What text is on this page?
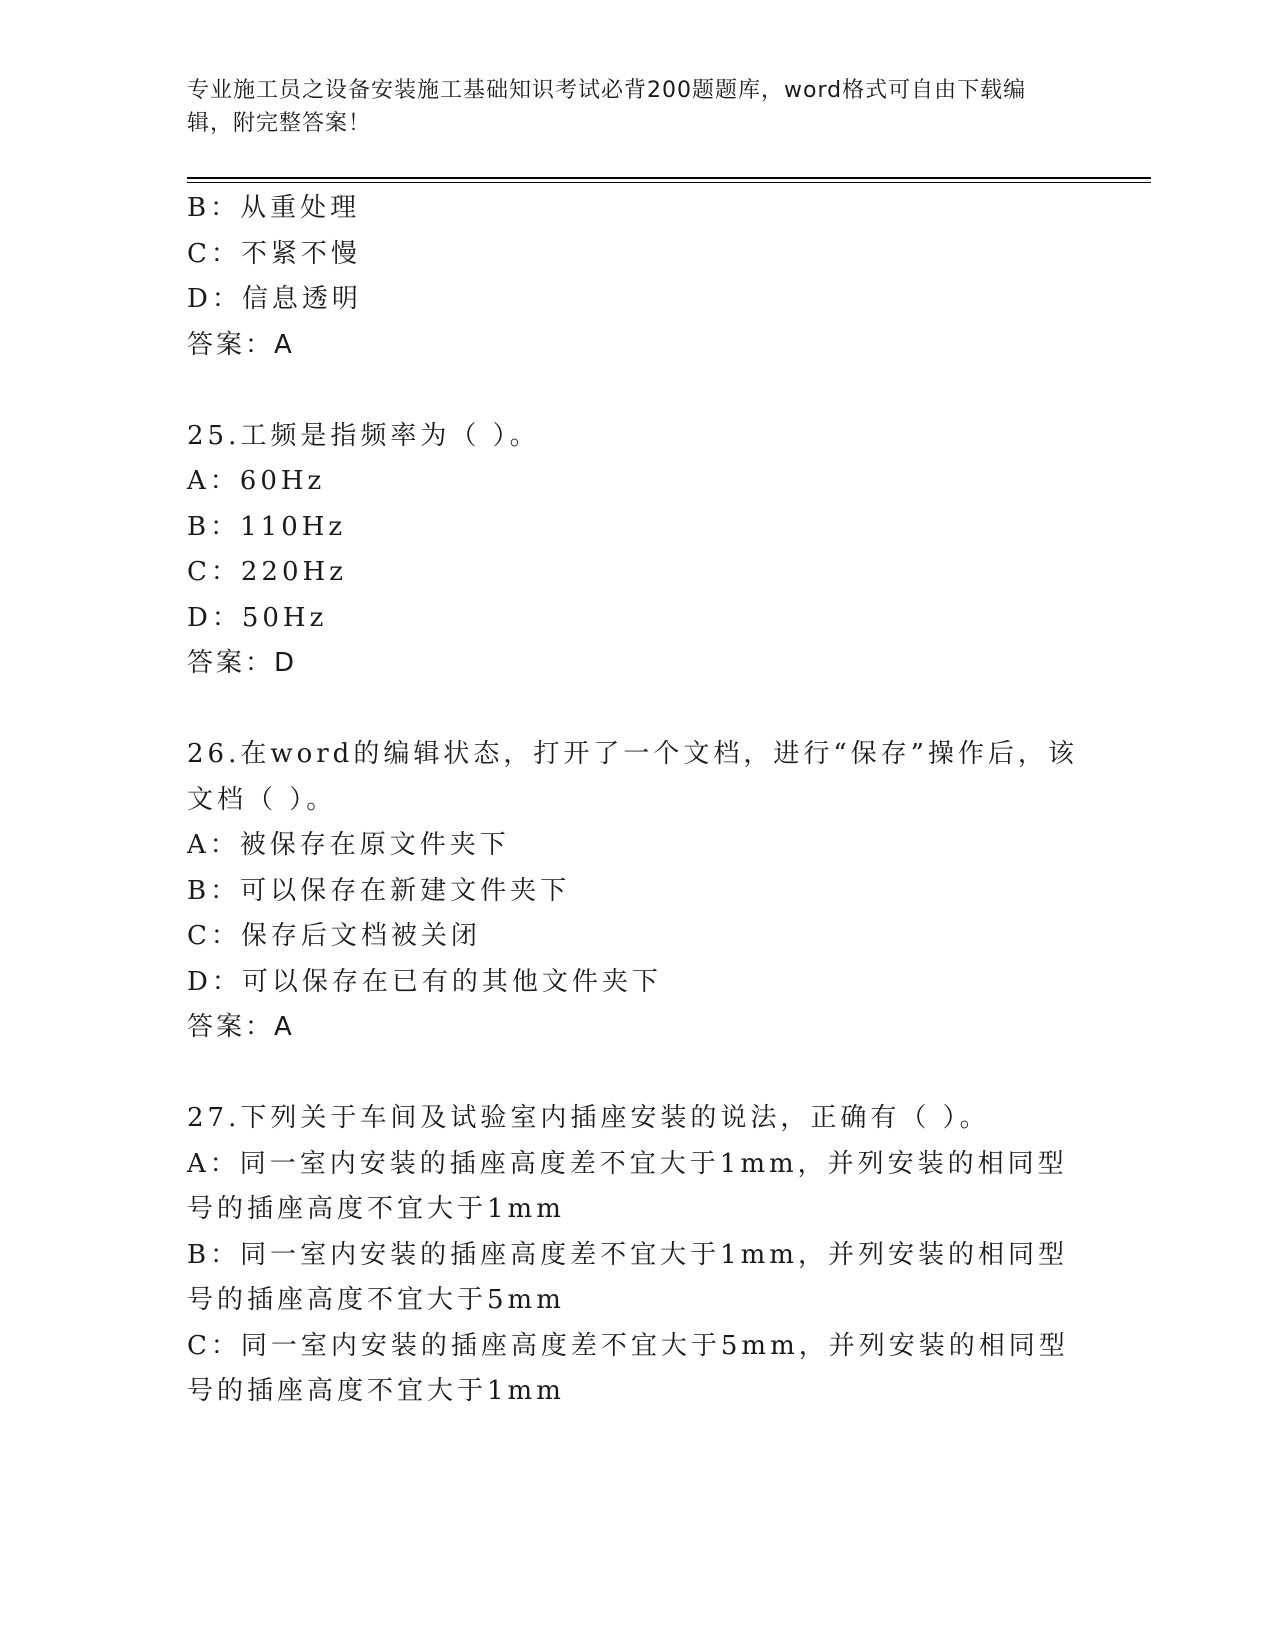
专业施工员之设备安装施工基础知识考试必背200题题库，word格式可自由下载编辑，附完整答案！
B：从重处理
C：不紧不慢
D：信息透明
答案：A
25.工频是指频率为（ ）。
A：60Hz
B：110Hz
C：220Hz
D：50Hz
答案：D
26.在word的编辑状态，打开了一个文档，进行“保存”操作后，该文档（ ）。
A：被保存在原文件夹下
B：可以保存在新建文件夹下
C：保存后文档被关闭
D：可以保存在已有的其他文件夹下
答案：A
27.下列关于车间及试验室内插座安装的说法，正确有（ ）。
A：同一室内安装的插座高度差不宜大于1mm，并列安装的相同型号的插座高度不宜大于1mm
B：同一室内安装的插座高度差不宜大于1mm，并列安装的相同型号的插座高度不宜大于5mm
C：同一室内安装的插座高度差不宜大于5mm，并列安装的相同型号的插座高度不宜大于1mm
